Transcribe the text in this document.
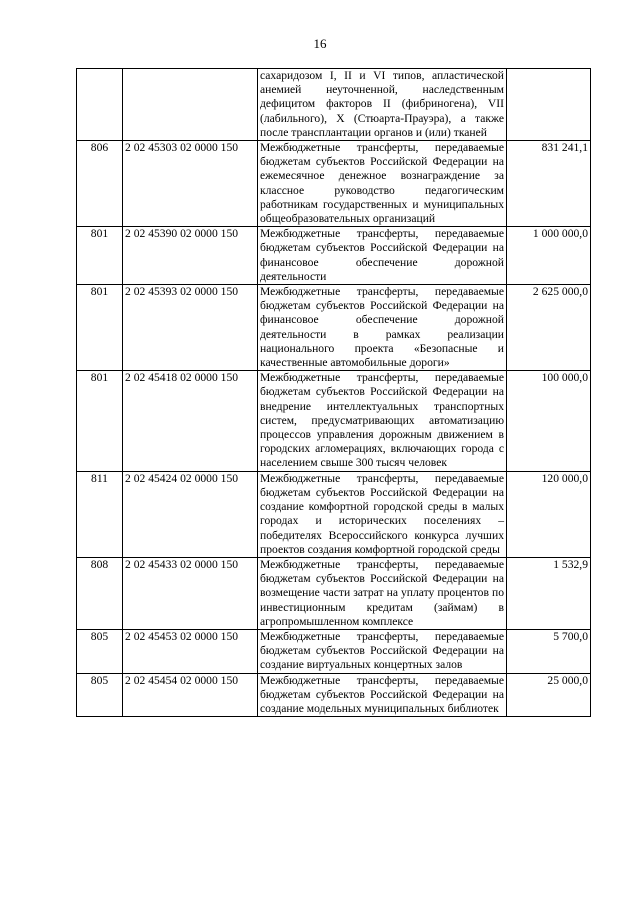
16
		сахаридозом I, II и VI типов, апластической анемией неуточненной, наследственным дефицитом факторов II (фибриногена), VII (лабильного), X (Стюарта-Прауэра), а также после трансплантации органов и (или) тканей	
806	2 02 45303 02 0000 150	Межбюджетные трансферты, передаваемые бюджетам субъектов Российской Федерации на ежемесячное денежное вознаграждение за классное руководство педагогическим работникам государственных и муниципальных общеобразовательных организаций	831 241,1
801	2 02 45390 02 0000 150	Межбюджетные трансферты, передаваемые бюджетам субъектов Российской Федерации на финансовое обеспечение дорожной деятельности	1 000 000,0
801	2 02 45393 02 0000 150	Межбюджетные трансферты, передаваемые бюджетам субъектов Российской Федерации на финансовое обеспечение дорожной деятельности в рамках реализации национального проекта «Безопасные и качественные автомобильные дороги»	2 625 000,0
801	2 02 45418 02 0000 150	Межбюджетные трансферты, передаваемые бюджетам субъектов Российской Федерации на внедрение интеллектуальных транспортных систем, предусматривающих автоматизацию процессов управления дорожным движением в городских агломерациях, включающих города с населением свыше 300 тысяч человек	100 000,0
811	2 02 45424 02 0000 150	Межбюджетные трансферты, передаваемые бюджетам субъектов Российской Федерации на создание комфортной городской среды в малых городах и исторических поселениях – победителях Всероссийского конкурса лучших проектов создания комфортной городской среды	120 000,0
808	2 02 45433 02 0000 150	Межбюджетные трансферты, передаваемые бюджетам субъектов Российской Федерации на возмещение части затрат на уплату процентов по инвестиционным кредитам (займам) в агропромышленном комплексе	1 532,9
805	2 02 45453 02 0000 150	Межбюджетные трансферты, передаваемые бюджетам субъектов Российской Федерации на создание виртуальных концертных залов	5 700,0
805	2 02 45454 02 0000 150	Межбюджетные трансферты, передаваемые бюджетам субъектов Российской Федерации на создание модельных муниципальных библиотек	25 000,0
